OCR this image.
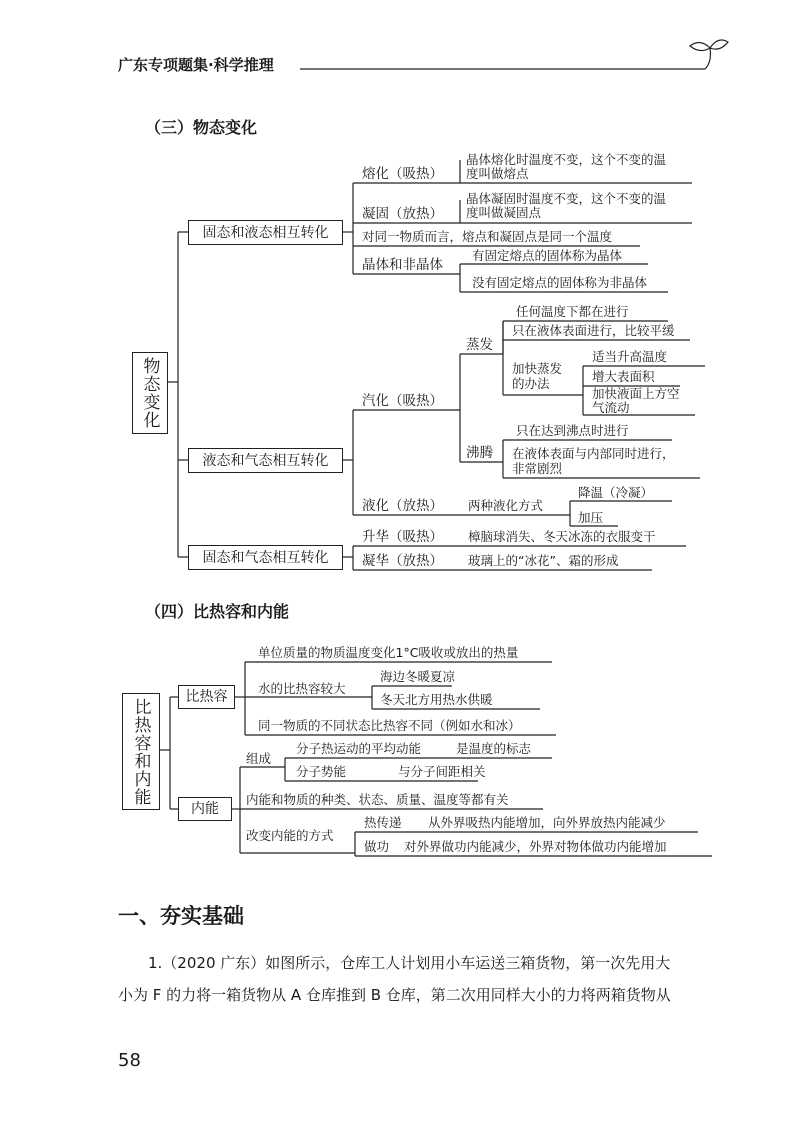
广东专项题集·科学推理
（三）物态变化
物态变化
固态和液态相互转化
液态和气态相互转化
固态和气态相互转化
熔化（吸热）
晶体熔化时温度不变，这个不变的温
度叫做熔点
凝固（放热）
晶体凝固时温度不变，这个不变的温
度叫做凝固点
对同一物质而言，熔点和凝固点是同一个温度
晶体和非晶体
有固定熔点的固体称为晶体
没有固定熔点的固体称为非晶体
汽化（吸热）
蒸发
任何温度下都在进行
只在液体表面进行，比较平缓
加快蒸发
的办法
适当升高温度
增大表面积
加快液面上方空
气流动
沸腾
只在达到沸点时进行
在液体表面与内部同时进行，
非常剧烈
液化（放热） 两种液化方式
降温（冷凝）
加压
升华（吸热） 樟脑球消失、冬天冰冻的衣服变干
凝华（放热） 玻璃上的“冰花”、霜的形成
（四）比热容和内能
比热容和内能
比热容
内能
单位质量的物质温度变化1°C吸收或放出的热量
水的比热容较大
海边冬暖夏凉
冬天北方用热水供暖
同一物质的不同状态比热容不同（例如水和冰）
组成
分子热运动的平均动能	是温度的标志
分子势能	与分子间距相关
内能和物质的种类、状态、质量、温度等都有关
改变内能的方式
热传递 从外界吸热内能增加，向外界放热内能减少
做功 对外界做功内能减少，外界对物体做功内能增加
一、夯实基础
1.（2020 广东）如图所示，仓库工人计划用小车运送三箱货物，第一次先用大
小为 F 的力将一箱货物从 A 仓库推到 B 仓库，第二次用同样大小的力将两箱货物从
58
